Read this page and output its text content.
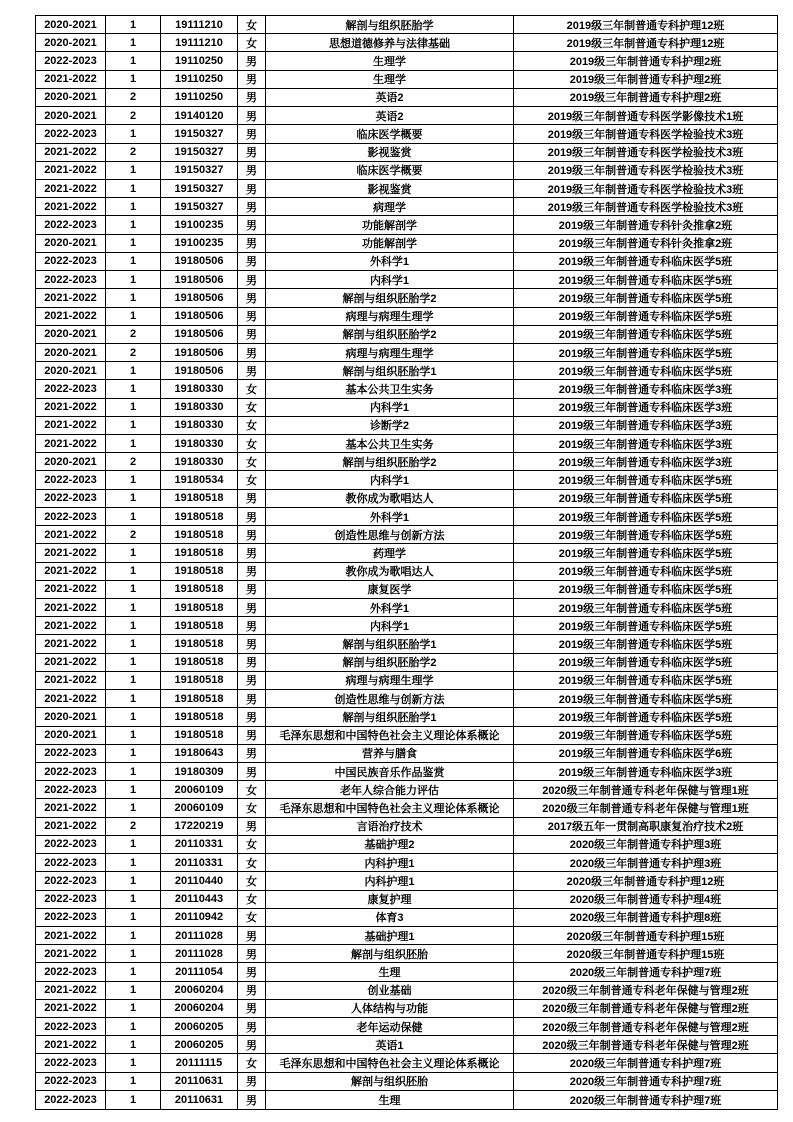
2020-2021	1	19111210	女	解剖与组织胚胎学	2019级三年制普通专科护理12班
2020-2021	1	19111210	女	思想道德修养与法律基础	2019级三年制普通专科护理12班
2022-2023	1	19110250	男	生理学	2019级三年制普通专科护理2班
2021-2022	1	19110250	男	生理学	2019级三年制普通专科护理2班
2020-2021	2	19110250	男	英语2	2019级三年制普通专科护理2班
2020-2021	2	19140120	男	英语2	2019级三年制普通专科医学影像技术1班
2022-2023	1	19150327	男	临床医学概要	2019级三年制普通专科医学检验技术3班
2021-2022	2	19150327	男	影视鉴赏	2019级三年制普通专科医学检验技术3班
2021-2022	1	19150327	男	临床医学概要	2019级三年制普通专科医学检验技术3班
2021-2022	1	19150327	男	影视鉴赏	2019级三年制普通专科医学检验技术3班
2021-2022	1	19150327	男	病理学	2019级三年制普通专科医学检验技术3班
2022-2023	1	19100235	男	功能解剖学	2019级三年制普通专科针灸推拿2班
2020-2021	1	19100235	男	功能解剖学	2019级三年制普通专科针灸推拿2班
2022-2023	1	19180506	男	外科学1	2019级三年制普通专科临床医学5班
2022-2023	1	19180506	男	内科学1	2019级三年制普通专科临床医学5班
2021-2022	1	19180506	男	解剖与组织胚胎学2	2019级三年制普通专科临床医学5班
2021-2022	1	19180506	男	病理与病理生理学	2019级三年制普通专科临床医学5班
2020-2021	2	19180506	男	解剖与组织胚胎学2	2019级三年制普通专科临床医学5班
2020-2021	2	19180506	男	病理与病理生理学	2019级三年制普通专科临床医学5班
2020-2021	1	19180506	男	解剖与组织胚胎学1	2019级三年制普通专科临床医学5班
2022-2023	1	19180330	女	基本公共卫生实务	2019级三年制普通专科临床医学3班
2021-2022	1	19180330	女	内科学1	2019级三年制普通专科临床医学3班
2021-2022	1	19180330	女	诊断学2	2019级三年制普通专科临床医学3班
2021-2022	1	19180330	女	基本公共卫生实务	2019级三年制普通专科临床医学3班
2020-2021	2	19180330	女	解剖与组织胚胎学2	2019级三年制普通专科临床医学3班
2022-2023	1	19180534	女	内科学1	2019级三年制普通专科临床医学5班
2022-2023	1	19180518	男	教你成为歌唱达人	2019级三年制普通专科临床医学5班
2022-2023	1	19180518	男	外科学1	2019级三年制普通专科临床医学5班
2021-2022	2	19180518	男	创造性思维与创新方法	2019级三年制普通专科临床医学5班
2021-2022	1	19180518	男	药理学	2019级三年制普通专科临床医学5班
2021-2022	1	19180518	男	教你成为歌唱达人	2019级三年制普通专科临床医学5班
2021-2022	1	19180518	男	康复医学	2019级三年制普通专科临床医学5班
2021-2022	1	19180518	男	外科学1	2019级三年制普通专科临床医学5班
2021-2022	1	19180518	男	内科学1	2019级三年制普通专科临床医学5班
2021-2022	1	19180518	男	解剖与组织胚胎学1	2019级三年制普通专科临床医学5班
2021-2022	1	19180518	男	解剖与组织胚胎学2	2019级三年制普通专科临床医学5班
2021-2022	1	19180518	男	病理与病理生理学	2019级三年制普通专科临床医学5班
2021-2022	1	19180518	男	创造性思维与创新方法	2019级三年制普通专科临床医学5班
2020-2021	1	19180518	男	解剖与组织胚胎学1	2019级三年制普通专科临床医学5班
2020-2021	1	19180518	男	毛泽东思想和中国特色社会主义理论体系概论	2019级三年制普通专科临床医学5班
2022-2023	1	19180643	男	营养与膳食	2019级三年制普通专科临床医学6班
2022-2023	1	19180309	男	中国民族音乐作品鉴赏	2019级三年制普通专科临床医学3班
2022-2023	1	20060109	女	老年人综合能力评估	2020级三年制普通专科老年保健与管理1班
2021-2022	1	20060109	女	毛泽东思想和中国特色社会主义理论体系概论	2020级三年制普通专科老年保健与管理1班
2021-2022	2	17220219	男	言语治疗技术	2017级五年一贯制高职康复治疗技术2班
2022-2023	1	20110331	女	基础护理2	2020级三年制普通专科护理3班
2022-2023	1	20110331	女	内科护理1	2020级三年制普通专科护理3班
2022-2023	1	20110440	女	内科护理1	2020级三年制普通专科护理12班
2022-2023	1	20110443	女	康复护理	2020级三年制普通专科护理4班
2022-2023	1	20110942	女	体育3	2020级三年制普通专科护理8班
2021-2022	1	20111028	男	基础护理1	2020级三年制普通专科护理15班
2021-2022	1	20111028	男	解剖与组织胚胎	2020级三年制普通专科护理15班
2022-2023	1	20111054	男	生理	2020级三年制普通专科护理7班
2021-2022	1	20060204	男	创业基础	2020级三年制普通专科老年保健与管理2班
2021-2022	1	20060204	男	人体结构与功能	2020级三年制普通专科老年保健与管理2班
2022-2023	1	20060205	男	老年运动保健	2020级三年制普通专科老年保健与管理2班
2021-2022	1	20060205	男	英语1	2020级三年制普通专科老年保健与管理2班
2022-2023	1	20111115	女	毛泽东思想和中国特色社会主义理论体系概论	2020级三年制普通专科护理7班
2022-2023	1	20110631	男	解剖与组织胚胎	2020级三年制普通专科护理7班
2022-2023	1	20110631	男	生理	2020级三年制普通专科护理7班
